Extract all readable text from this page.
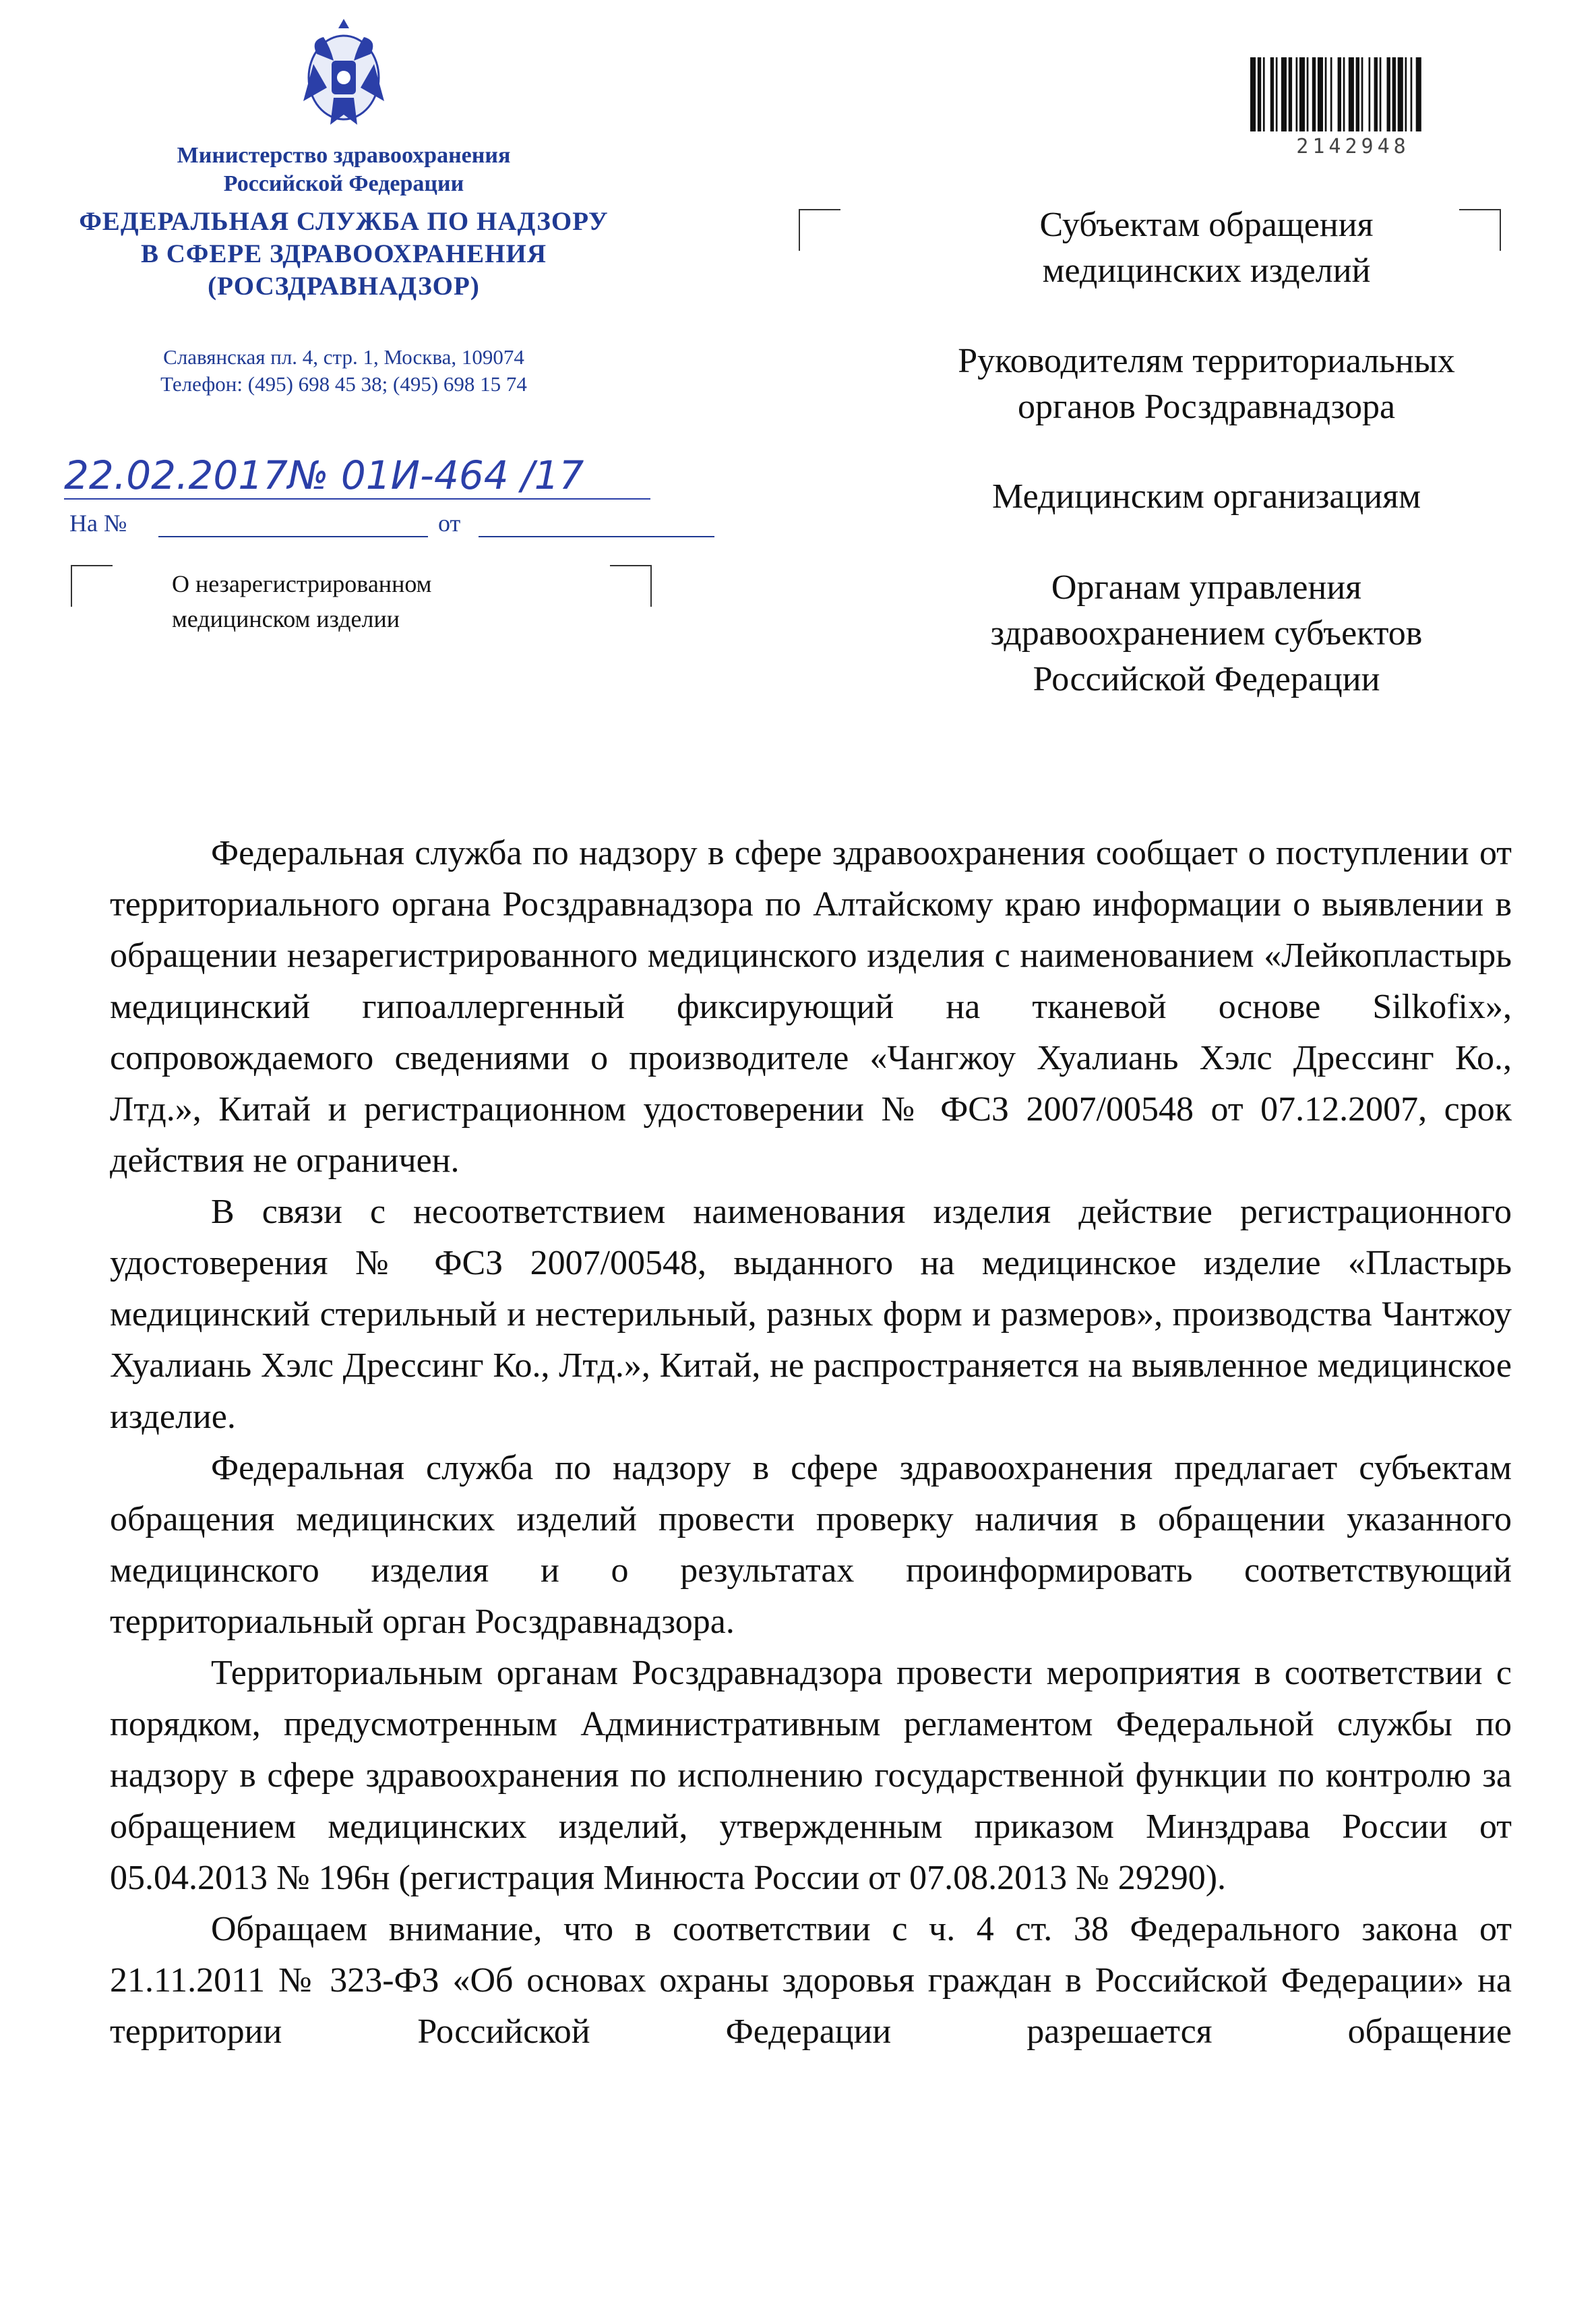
Министерство здравоохранения
Российской Федерации
ФЕДЕРАЛЬНАЯ СЛУЖБА ПО НАДЗОРУ
В СФЕРЕ ЗДРАВООХРАНЕНИЯ
(РОСЗДРАВНАДЗОР)
Славянская пл. 4, стр. 1, Москва, 109074
Телефон: (495) 698 45 38; (495) 698 15 74
22.02.2017№ 01И-464 /17
На №	от
О незарегистрированном
медицинском изделии
2142948
Субъектам обращения
медицинских изделий
Руководителям территориальных
органов Росздравнадзора
Медицинским организациям
Органам управления
здравоохранением субъектов
Российской Федерации

Федеральная служба по надзору в сфере здравоохранения сообщает о поступлении от территориального органа Росздравнадзора по Алтайскому краю информации о выявлении в обращении незарегистрированного медицинского изделия с наименованием «Лейкопластырь медицинский гипоаллергенный фиксирующий на тканевой основе Silkofix», сопровождаемого сведениями о производителе «Чангжоу Хуалиань Хэлс Дрессинг Ко., Лтд.», Китай и регистрационном удостоверении № ФСЗ 2007/00548 от 07.12.2007, срок действия не ограничен.

В связи с несоответствием наименования изделия действие регистрационного удостоверения № ФСЗ 2007/00548, выданного на медицинское изделие «Пластырь медицинский стерильный и нестерильный, разных форм и размеров», производства Чантжоу Хуалиань Хэлс Дрессинг Ко., Лтд.», Китай, не распространяется на выявленное медицинское изделие.

Федеральная служба по надзору в сфере здравоохранения предлагает субъектам обращения медицинских изделий провести проверку наличия в обращении указанного медицинского изделия и о результатах проинформировать соответствующий территориальный орган Росздравнадзора.

Территориальным органам Росздравнадзора провести мероприятия в соответствии с порядком, предусмотренным Административным регламентом Федеральной службы по надзору в сфере здравоохранения по исполнению государственной функции по контролю за обращением медицинских изделий, утвержденным приказом Минздрава России от 05.04.2013 № 196н (регистрация Минюста России от 07.08.2013 № 29290).

Обращаем внимание, что в соответствии с ч. 4 ст. 38 Федерального закона от 21.11.2011 № 323-ФЗ «Об основах охраны здоровья граждан в Российской Федерации» на территории Российской Федерации разрешается обращение
